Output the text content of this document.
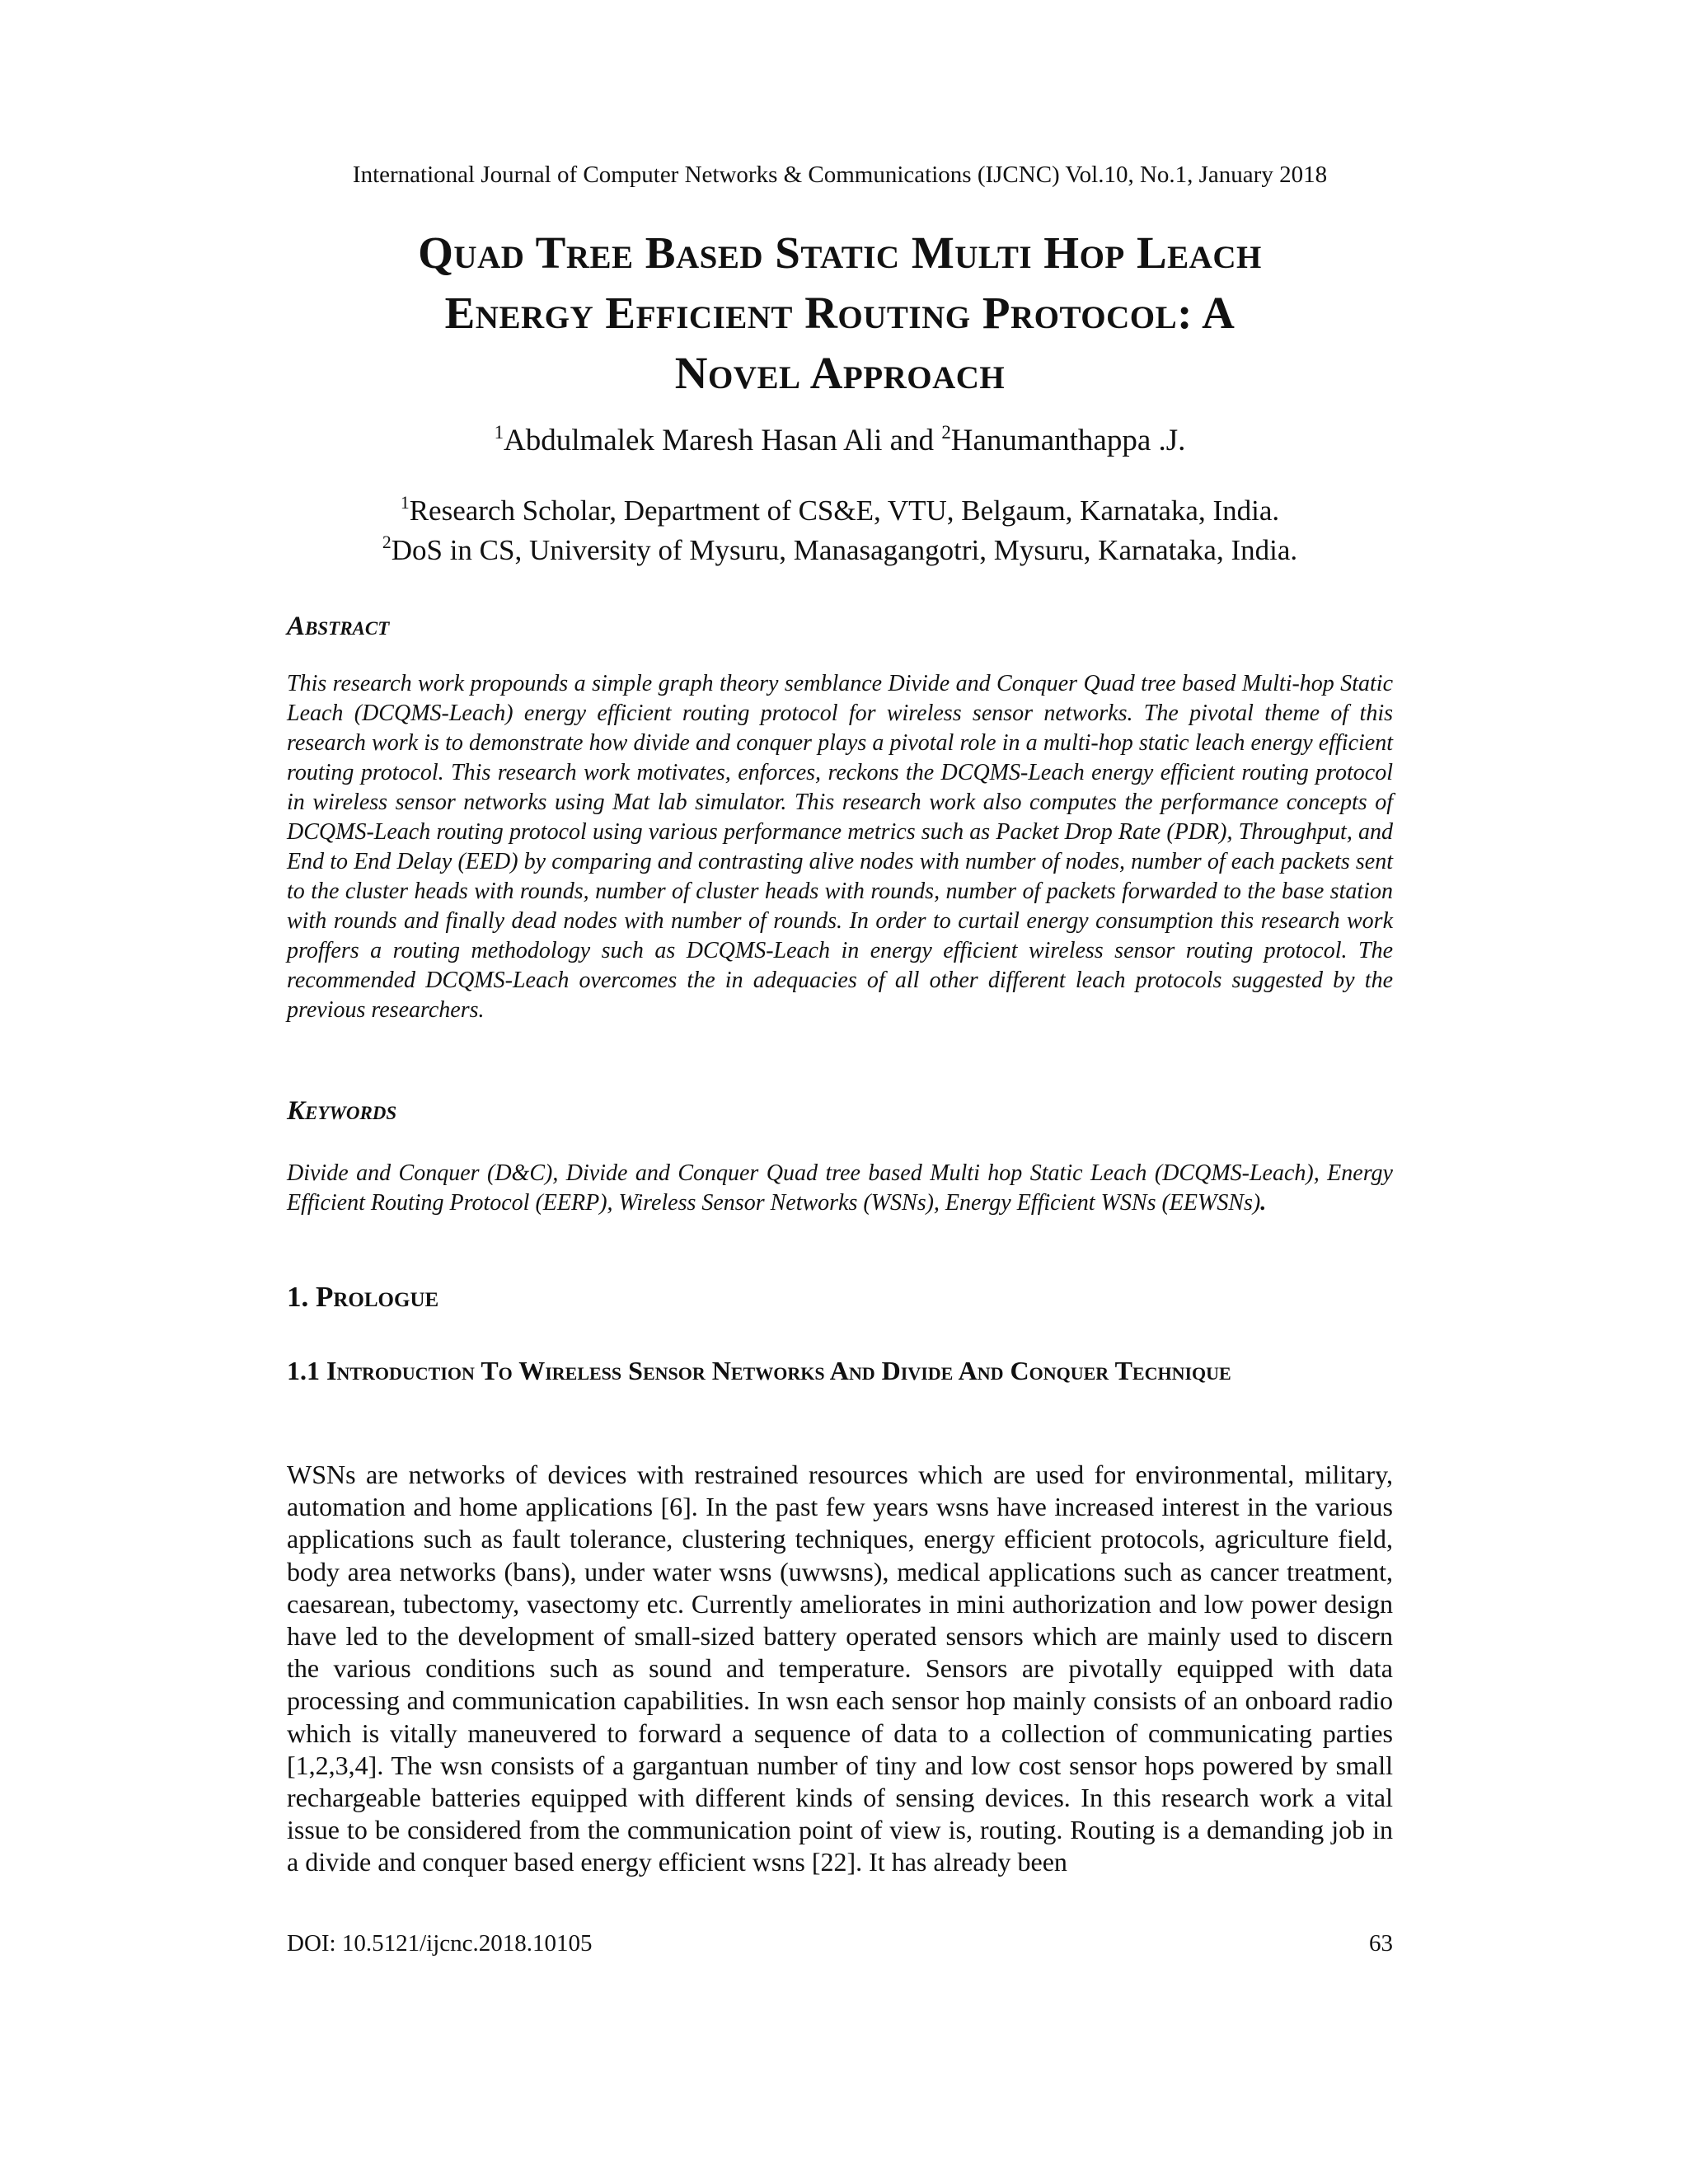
International Journal of Computer Networks & Communications (IJCNC) Vol.10, No.1, January 2018
Quad Tree Based Static Multi Hop Leach
Energy Efficient Routing Protocol: A
Novel Approach
$^1$Abdulmalek Maresh Hasan Ali and $^2$Hanumanthappa .J.
$^1$Research Scholar, Department of CS&E, VTU, Belgaum, Karnataka, India.
$^2$DoS in CS, University of Mysuru, Manasagangotri, Mysuru, Karnataka, India.
Abstract
This research work propounds a simple graph theory semblance Divide and Conquer Quad tree based Multi-hop Static Leach (DCQMS-Leach) energy efficient routing protocol for wireless sensor networks. The pivotal theme of this research work is to demonstrate how divide and conquer plays a pivotal role in a multi-hop static leach energy efficient routing protocol. This research work motivates, enforces, reckons the DCQMS-Leach energy efficient routing protocol in wireless sensor networks using Mat lab simulator. This research work also computes the performance concepts of DCQMS-Leach routing protocol using various performance metrics such as Packet Drop Rate (PDR), Throughput, and End to End Delay (EED) by comparing and contrasting alive nodes with number of nodes, number of each packets sent to the cluster heads with rounds, number of cluster heads with rounds, number of packets forwarded to the base station with rounds and finally dead nodes with number of rounds. In order to curtail energy consumption this research work proffers a routing methodology such as DCQMS-Leach in energy efficient wireless sensor routing protocol. The recommended DCQMS-Leach overcomes the in adequacies of all other different leach protocols suggested by the previous researchers.
Keywords
Divide and Conquer (D&C), Divide and Conquer Quad tree based Multi hop Static Leach (DCQMS-Leach), Energy Efficient Routing Protocol (EERP), Wireless Sensor Networks (WSNs), Energy Efficient WSNs (EEWSNs).
1. Prologue
1.1 Introduction To Wireless Sensor Networks And Divide And Conquer Technique
WSNs are networks of devices with restrained resources which are used for environmental, military, automation and home applications [6]. In the past few years wsns have increased interest in the various applications such as fault tolerance, clustering techniques, energy efficient protocols, agriculture field, body area networks (bans), under water wsns (uwwsns), medical applications such as cancer treatment, caesarean, tubectomy, vasectomy etc. Currently ameliorates in mini authorization and low power design have led to the development of small-sized battery operated sensors which are mainly used to discern the various conditions such as sound and temperature. Sensors are pivotally equipped with data processing and communication capabilities. In wsn each sensor hop mainly consists of an onboard radio which is vitally maneuvered to forward a sequence of data to a collection of communicating parties [1,2,3,4]. The wsn consists of a gargantuan number of tiny and low cost sensor hops powered by small rechargeable batteries equipped with different kinds of sensing devices. In this research work a vital issue to be considered from the communication point of view is, routing. Routing is a demanding job in a divide and conquer based energy efficient wsns [22]. It has already been
DOI: 10.5121/ijcnc.2018.10105	63
